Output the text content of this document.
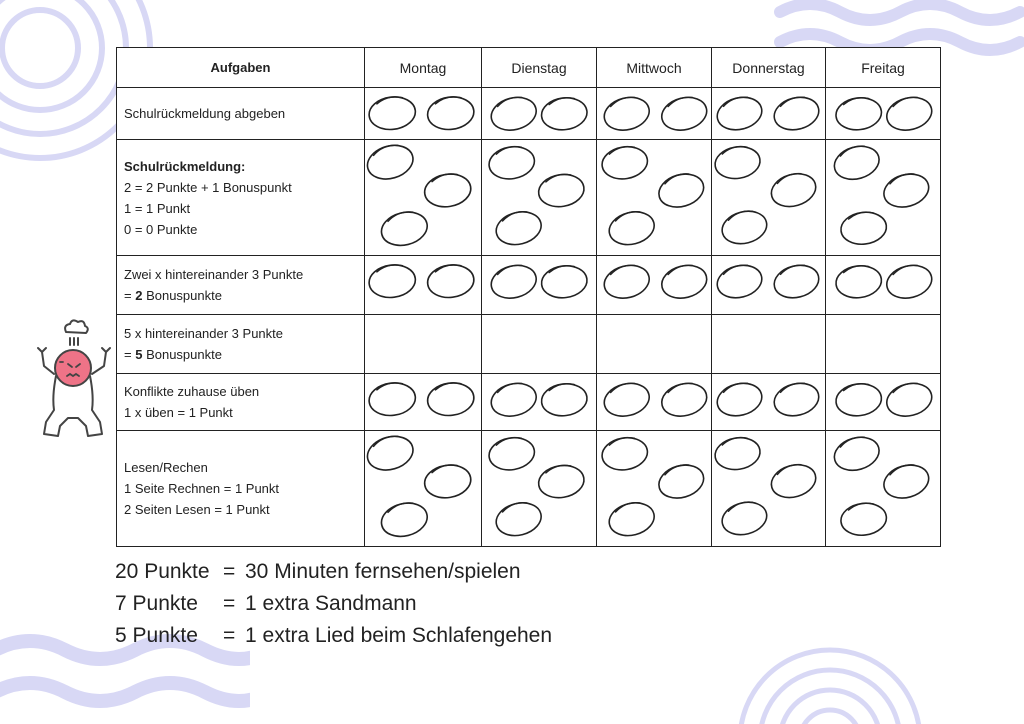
Aufgaben	Montag	Dienstag	Mittwoch	Donnerstag	Freitag

Schulrückmeldung abgeben

Schulrückmeldung:
2 = 2 Punkte + 1 Bonuspunkt
1 = 1 Punkt
0 = 0 Punkte

Zwei x hintereinander 3 Punkte
= 2 Bonuspunkte

5 x hintereinander 3 Punkte
= 5 Bonuspunkte

Konflikte zuhause üben
1 x üben = 1 Punkt

Lesen/Rechen
1 Seite Rechnen = 1 Punkt
2 Seiten Lesen = 1 Punkt

20 Punkte = 30 Minuten fernsehen/spielen
7 Punkte	= 1 extra Sandmann
5 Punkte	= 1 extra Lied beim Schlafengehen
